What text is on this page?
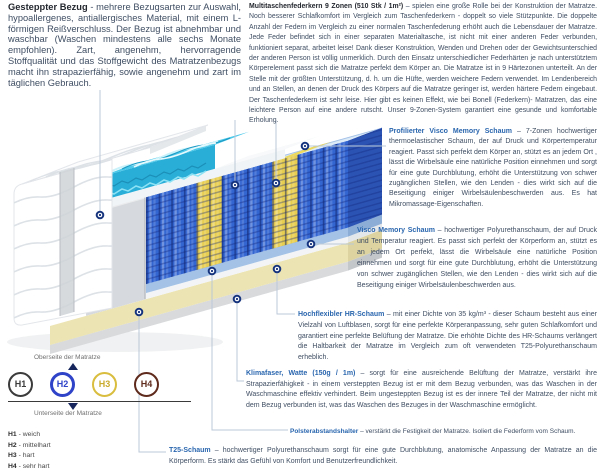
Gesteppter Bezug - mehrere Bezugsarten zur Auswahl, hypoallergenes, antiallergisches Material, mit einem L-förmigen Reißverschluss. Der Bezug ist abnehmbar und waschbar (Waschen mindestens alle sechs Monate empfohlen). Zart, angenehm, hervorragende Stoffqualität und das Stoffgewicht des Matratzenbezugs macht ihn strapazierfähig, sowie angenehm und zart im täglichen Gebrauch.
Multitaschenfederkern 9 Zonen (510 Stk / 1m²) – spielen eine große Rolle bei der Konstruktion der Matratze. Noch besserer Schlafkomfort im Vergleich zum Taschenfederkern - doppelt so viele Stützpunkte. Die doppelte Anzahl der Federn im Vergleich zu einer normalen Taschenfederung erhöht auch die Lebensdauer der Matratze. Jede Feder befindet sich in einer separaten Materialtasche, ist nicht mit einer anderen Feder verbunden, funktioniert separat, arbeitet leise! Dank dieser Konstruktion, Wenden und Drehen oder der Gewichtsunterschied der anderen Person ist völlig unmerklich. Durch den Einsatz unterschiedlicher Federhärten je nach unterstütztem Körperelement passt sich die Matratze perfekt dem Körper an. Die Matratze ist in 9 Härtezonen unterteilt. An der Stelle mit der größten Unterstützung, d. h. um die Hüfte, werden weichere Federn verwendet. Im Lendenbereich und an Stellen, an denen der Druck des Körpers auf die Matratze geringer ist, werden härtere Federn eingebaut. Der Taschenfederkern ist sehr leise. Hier gibt es keinen Effekt, wie bei Bonell (Federkern)- Matratzen, das eine leichtere Person auf eine andere rutscht. Unser 9-Zonen-System garantiert eine gesunde und komfortable Erholung.
Profilierter Visco Memory Schaum – 7-Zonen hochwertiger thermoelastischer Schaum, der auf Druck und Körpertemperatur reagiert. Passt sich perfekt dem Körper an, stützt es an jedem Ort , lässt die Wirbelsäule eine natürliche Position einnehmen und sorgt für eine gute Durchblutung, erhöht die Unterstützung von schwer zugänglichen Stellen, wie den Lenden - dies wirkt sich auf die Beseitigung einiger Wirbelsäulenbeschwerden aus. Es hat Mikromassage-Eigenschaften.
Visco Memory Schaum – hochwertiger Polyurethanschaum, der auf Druck und Temperatur reagiert. Es passt sich perfekt der Körperform an, stützt es an jedem Ort perfekt, lässt die Wirbelsäule eine natürliche Position einnehmen und sorgt für eine gute Durchblutung, erhöht die Unterstützung von schwer zugänglichen Stellen, wie den Lenden - dies wirkt sich auf die Beseitigung einiger Wirbelsäulenbeschwerden aus.
Hochflexibler HR-Schaum – mit einer Dichte von 35 kg/m³ - dieser Schaum besteht aus einer Vielzahl von Luftblasen, sorgt für eine perfekte Körperanpassung, sehr guten Schlafkomfort und garantiert eine perfekte Belüftung der Matratze. Die erhöhte Dichte des HR-Schaums verlängert die Haltbarkeit der Matratze im Vergleich zum oft verwendeten T25-Polyurethanschaum erheblich.
Klimafaser, Watte (150g / 1m) – sorgt für eine ausreichende Belüftung der Matratze, verstärkt ihre Strapazierfähigkeit - in einem versteppten Bezug ist er mit dem Bezug verbunden, was das Waschen in der Waschmaschine effektiv verhindert. Beim ungesteppten Bezug ist es der innere Teil der Matratze, der nicht mit dem Bezug verbunden ist, was das Waschen des Bezuges in der Waschmaschine ermöglicht.
Polsterabstandshalter – verstärkt die Festigkeit der Matratze. Isoliert die Federform vom Schaum.
T25-Schaum – hochwertiger Polyurethanschaum sorgt für eine gute Durchblutung, anatomische Anpassung der Matratze an die Körperform. Es stärkt das Gefühl von Komfort und Benutzerfreundlichkeit.
Oberseite der Matratze
H1	H2	H3	H4
Unterseite der Matratze
H1 - weich
H2 - mittelhart
H3 - hart
H4 - sehr hart
